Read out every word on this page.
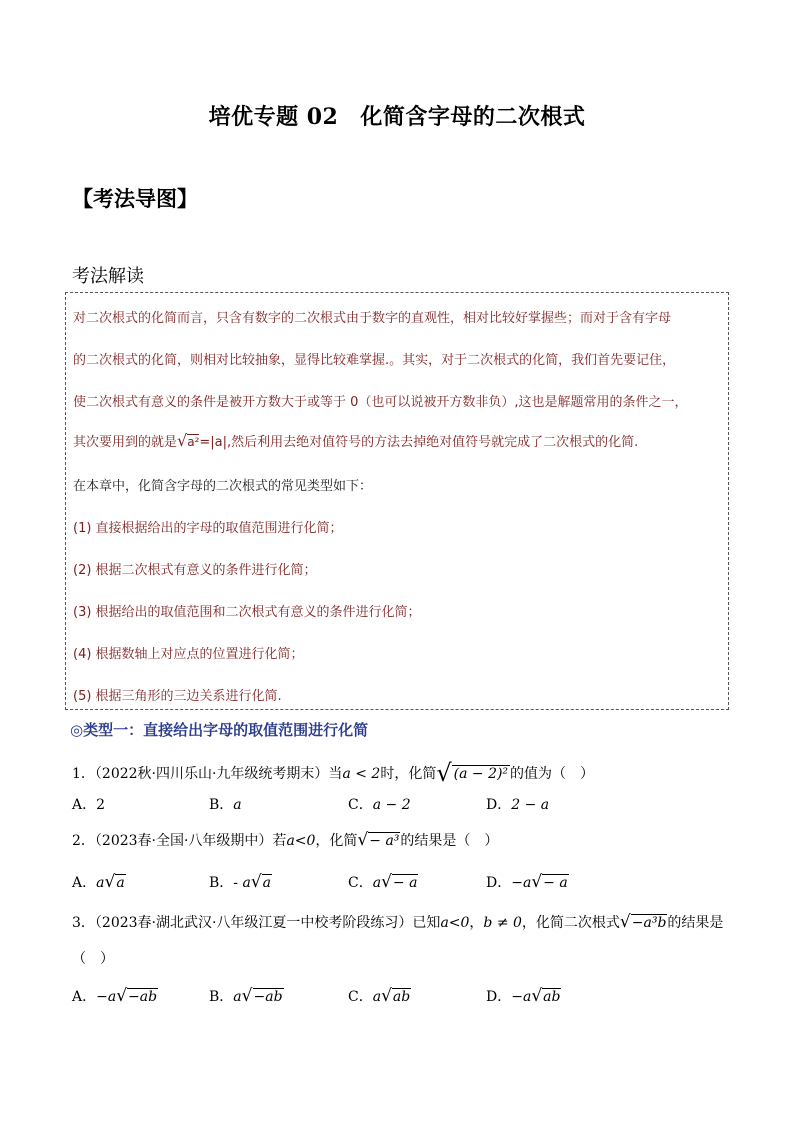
培优专题 02 化简含字母的二次根式
【考法导图】
考法解读
对二次根式的化简而言，只含有数字的二次根式由于数字的直观性，相对比较好掌握些；而对于含有字母
的二次根式的化简，则相对比较抽象，显得比较难掌握.。其实，对于二次根式的化简，我们首先要记住，
使二次根式有意义的条件是被开方数大于或等于 0（也可以说被开方数非负）,这也是解题常用的条件之一，
其次要用到的就是√a²=|a|,然后利用去绝对值符号的方法去掉绝对值符号就完成了二次根式的化简.
在本章中，化简含字母的二次根式的常见类型如下：
(1) 直接根据给出的字母的取值范围进行化简；
(2) 根据二次根式有意义的条件进行化简；
(3) 根据给出的取值范围和二次根式有意义的条件进行化简；
(4) 根据数轴上对应点的位置进行化简；
(5) 根据三角形的三边关系进行化简.
◎类型一：直接给出字母的取值范围进行化简
1．（2022秋·四川乐山·九年级统考期末）当a < 2时，化简√ (a − 2)² 的值为（　）
A．2	B．a	C．a − 2	D．2 − a
2．（2023春·全国·八年级期中）若a<0，化简√− a³的结果是（　）
A．a√a	B．- a√a	C．a√− a	D．−a√− a
3．（2023春·湖北武汉·八年级江夏一中校考阶段练习）已知a<0，b ≠ 0，化简二次根式√−a³b的结果是
（　）
A．−a√−ab	B．a√−ab	C．a√ab	D．−a√ab
